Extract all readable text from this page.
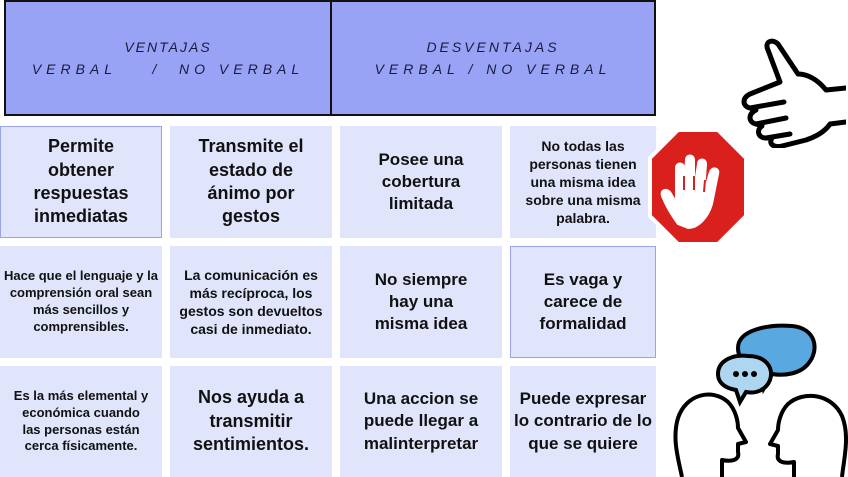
VENTAJAS
VERBAL    /  NO VERBAL
DESVENTAJAS
VERBAL / NO VERBAL
Permite obtener respuestas inmediatas
Transmite el estado de ánimo por gestos
Posee una cobertura limitada
No todas las personas tienen una misma idea sobre una misma palabra.
Hace que el lenguaje y la comprensión oral sean más sencillos y comprensibles.
La comunicación es más recíproca, los gestos son devueltos casi de inmediato.
No siempre hay una misma idea
Es vaga y carece de formalidad
Es la más elemental y económica cuando las personas están cerca físicamente.
Nos ayuda a transmitir sentimientos.
Una accion se puede llegar a malinterpretar
Puede expresar lo contrario de lo que se quiere
